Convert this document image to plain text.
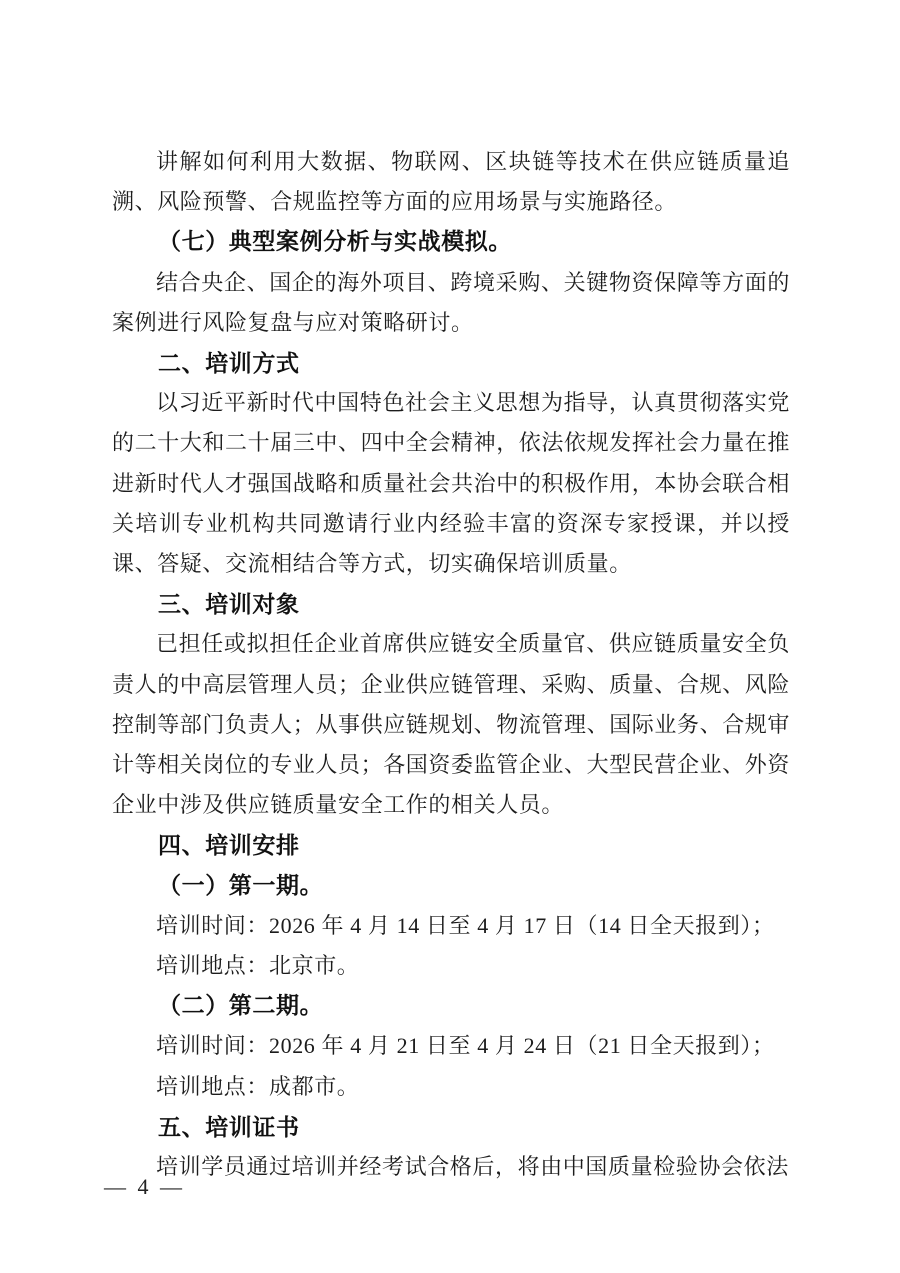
讲解如何利用大数据、物联网、区块链等技术在供应链质量追溯、风险预警、合规监控等方面的应用场景与实施路径。

（七）典型案例分析与实战模拟。

结合央企、国企的海外项目、跨境采购、关键物资保障等方面的案例进行风险复盘与应对策略研讨。

二、培训方式

以习近平新时代中国特色社会主义思想为指导，认真贯彻落实党的二十大和二十届三中、四中全会精神，依法依规发挥社会力量在推进新时代人才强国战略和质量社会共治中的积极作用，本协会联合相关培训专业机构共同邀请行业内经验丰富的资深专家授课，并以授课、答疑、交流相结合等方式，切实确保培训质量。

三、培训对象

已担任或拟担任企业首席供应链安全质量官、供应链质量安全负责人的中高层管理人员；企业供应链管理、采购、质量、合规、风险控制等部门负责人；从事供应链规划、物流管理、国际业务、合规审计等相关岗位的专业人员；各国资委监管企业、大型民营企业、外资企业中涉及供应链质量安全工作的相关人员。

四、培训安排

（一）第一期。

培训时间：2026 年 4 月 14 日至 4 月 17 日（14 日全天报到）；

培训地点：北京市。

（二）第二期。

培训时间：2026 年 4 月 21 日至 4 月 24 日（21 日全天报到）；

培训地点：成都市。

五、培训证书

培训学员通过培训并经考试合格后，将由中国质量检验协会依法

— 4 —
